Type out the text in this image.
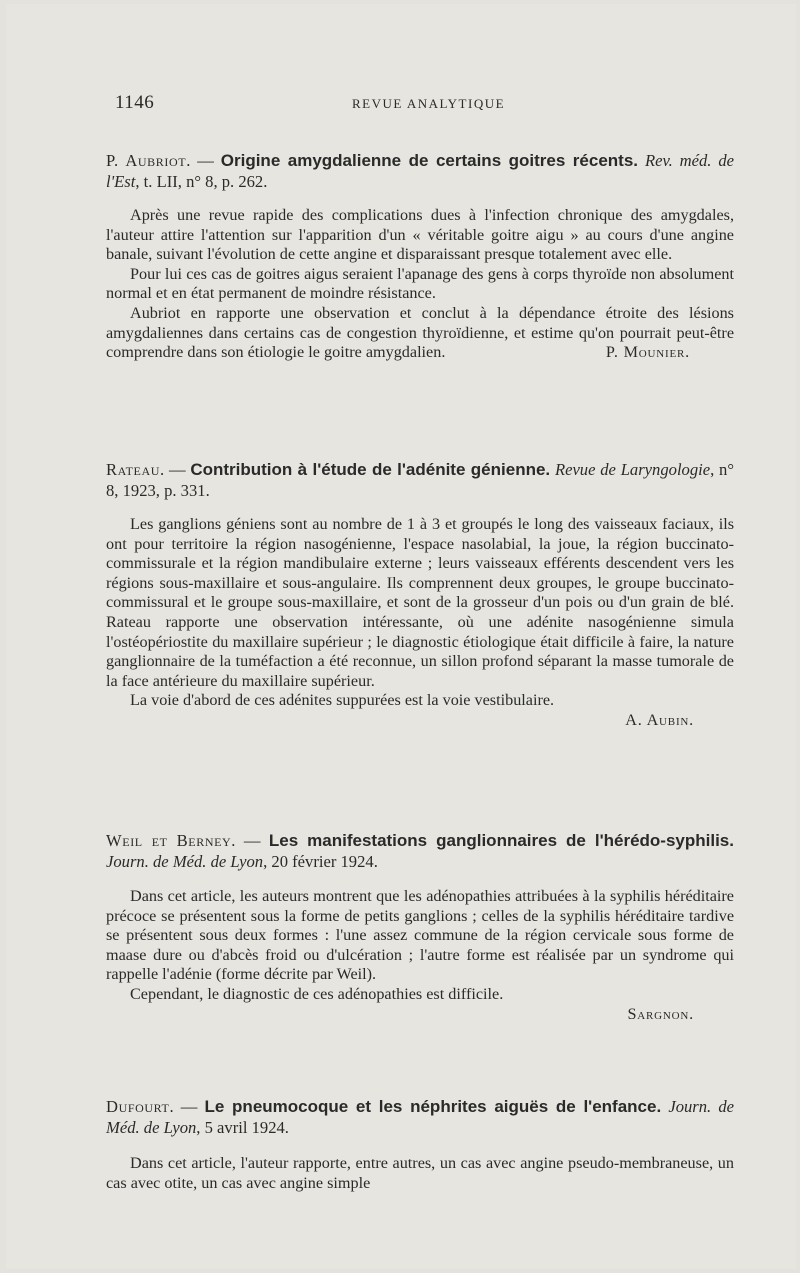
1146	REVUE ANALYTIQUE

P. Aubriot. — Origine amygdalienne de certains goitres récents. Rev. méd. de l'Est, t. LII, n° 8, p. 262.

Après une revue rapide des complications dues à l'infection chronique des amygdales, l'auteur attire l'attention sur l'apparition d'un « véritable goitre aigu » au cours d'une angine banale, suivant l'évolution de cette angine et disparaissant presque totalement avec elle.

Pour lui ces cas de goitres aigus seraient l'apanage des gens à corps thyroïde non absolument normal et en état permanent de moindre résistance.

Aubriot en rapporte une observation et conclut à la dépendance étroite des lésions amygdaliennes dans certains cas de congestion thyroïdienne, et estime qu'on pourrait peut-être comprendre dans son étiologie le goitre amygdalien.	P. Mounier.

Rateau. — Contribution à l'étude de l'adénite génienne. Revue de Laryngologie, n° 8, 1923, p. 331.

Les ganglions géniens sont au nombre de 1 à 3 et groupés le long des vaisseaux faciaux, ils ont pour territoire la région nasogénienne, l'espace nasolabial, la joue, la région buccinato-commissurale et la région mandibulaire externe ; leurs vaisseaux efférents descendent vers les régions sous-maxillaire et sous-angulaire. Ils comprennent deux groupes, le groupe buccinato-commissural et le groupe sous-maxillaire, et sont de la grosseur d'un pois ou d'un grain de blé. Rateau rapporte une observation intéressante, où une adénite nasogénienne simula l'ostéopériostite du maxillaire supérieur ; le diagnostic étiologique était difficile à faire, la nature ganglionnaire de la tuméfaction a été reconnue, un sillon profond séparant la masse tumorale de la face antérieure du maxillaire supérieur.

La voie d'abord de ces adénites suppurées est la voie vestibulaire.

A. Aubin.

Weil et Berney. — Les manifestations ganglionnaires de l'hérédo-syphilis. Journ. de Méd. de Lyon, 20 février 1924.

Dans cet article, les auteurs montrent que les adénopathies attribuées à la syphilis héréditaire précoce se présentent sous la forme de petits ganglions ; celles de la syphilis héréditaire tardive se présentent sous deux formes : l'une assez commune de la région cervicale sous forme de maase dure ou d'abcès froid ou d'ulcération ; l'autre forme est réalisée par un syndrome qui rappelle l'adénie (forme décrite par Weil).

Cependant, le diagnostic de ces adénopathies est difficile.

Sargnon.

Dufourt. — Le pneumocoque et les néphrites aiguës de l'enfance. Journ. de Méd. de Lyon, 5 avril 1924.

Dans cet article, l'auteur rapporte, entre autres, un cas avec angine pseudo-membraneuse, un cas avec otite, un cas avec angine simple
